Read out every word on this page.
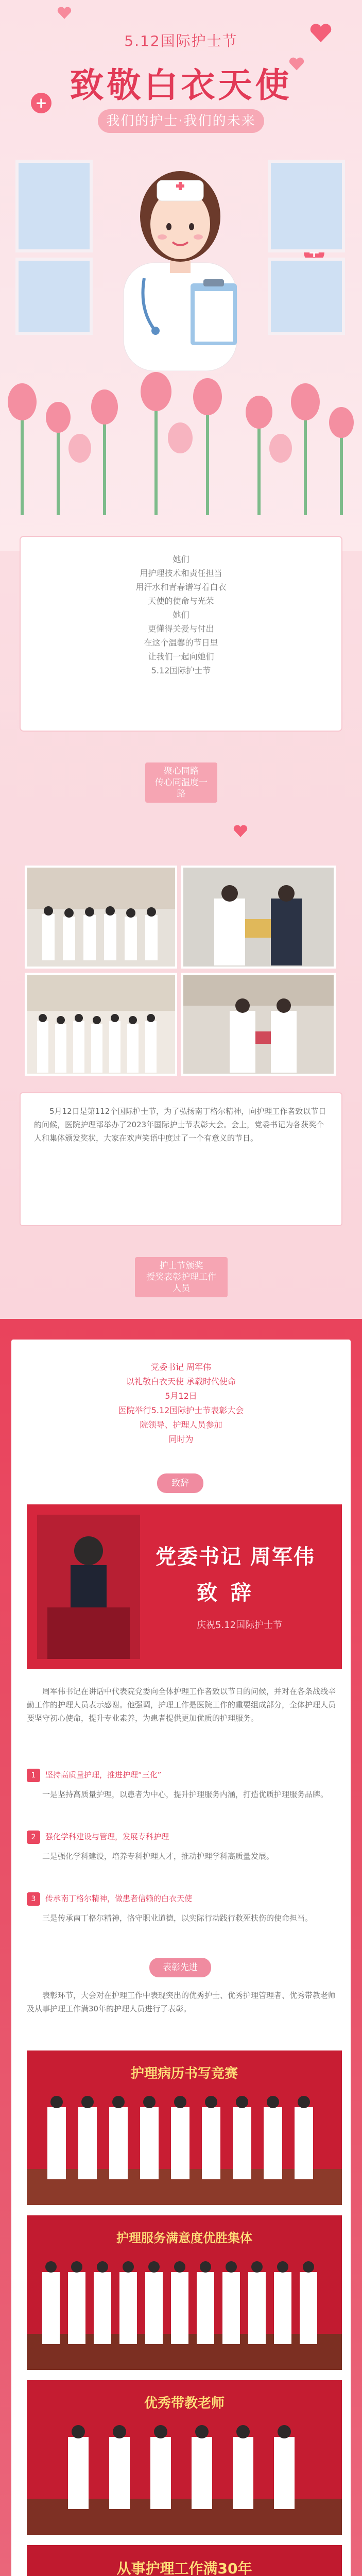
+
5.12国际护士节
致敬白衣天使
我们的护士·我们的未来
她们
用护理技术和责任担当
用汗水和青春谱写着白衣
天使的使命与光荣
她们
更懂得关爱与付出
在这个温馨的节日里
让我们一起向她们
5.12国际护士节
聚心同路
传心同温度一路

5月12日是第112个国际护士节，为了弘扬南丁格尔精神，向护理工作者致以节日的问候，医院护理部举办了2023年国际护士节表彰大会。会上，党委书记为各获奖个人和集体颁发奖状，大家在欢声笑语中度过了一个有意义的节日。

护士节颁奖
授奖表彰护理工作人员
党委书记 周军伟
以礼敬白衣天使 承载时代使命
5月12日
医院举行5.12国际护士节表彰大会
院领导、护理人员参加
同时为
致辞
党委书记 周军伟
致 辞
庆祝5.12国际护士节

周军伟书记在讲话中代表院党委向全体护理工作者致以节日的问候，并对在各条战线辛勤工作的护理人员表示感谢。他强调，护理工作是医院工作的重要组成部分，全体护理人员要坚守初心使命，提升专业素养，为患者提供更加优质的护理服务。

1 坚持高质量护理，推进护理“三化”

一是坚持高质量护理，以患者为中心，提升护理服务内涵，打造优质护理服务品牌。

2 强化学科建设与管理，发展专科护理

二是强化学科建设，培养专科护理人才，推动护理学科高质量发展。

3 传承南丁格尔精神，做患者信赖的白衣天使

三是传承南丁格尔精神，恪守职业道德，以实际行动践行救死扶伤的使命担当。

表彰先进

表彰环节，大会对在护理工作中表现突出的优秀护士、优秀护理管理者、优秀带教老师及从事护理工作满30年的护理人员进行了表彰。

护理病历书写竞赛
护理服务满意度优胜集体
优秀带教老师
从事护理工作满30年
